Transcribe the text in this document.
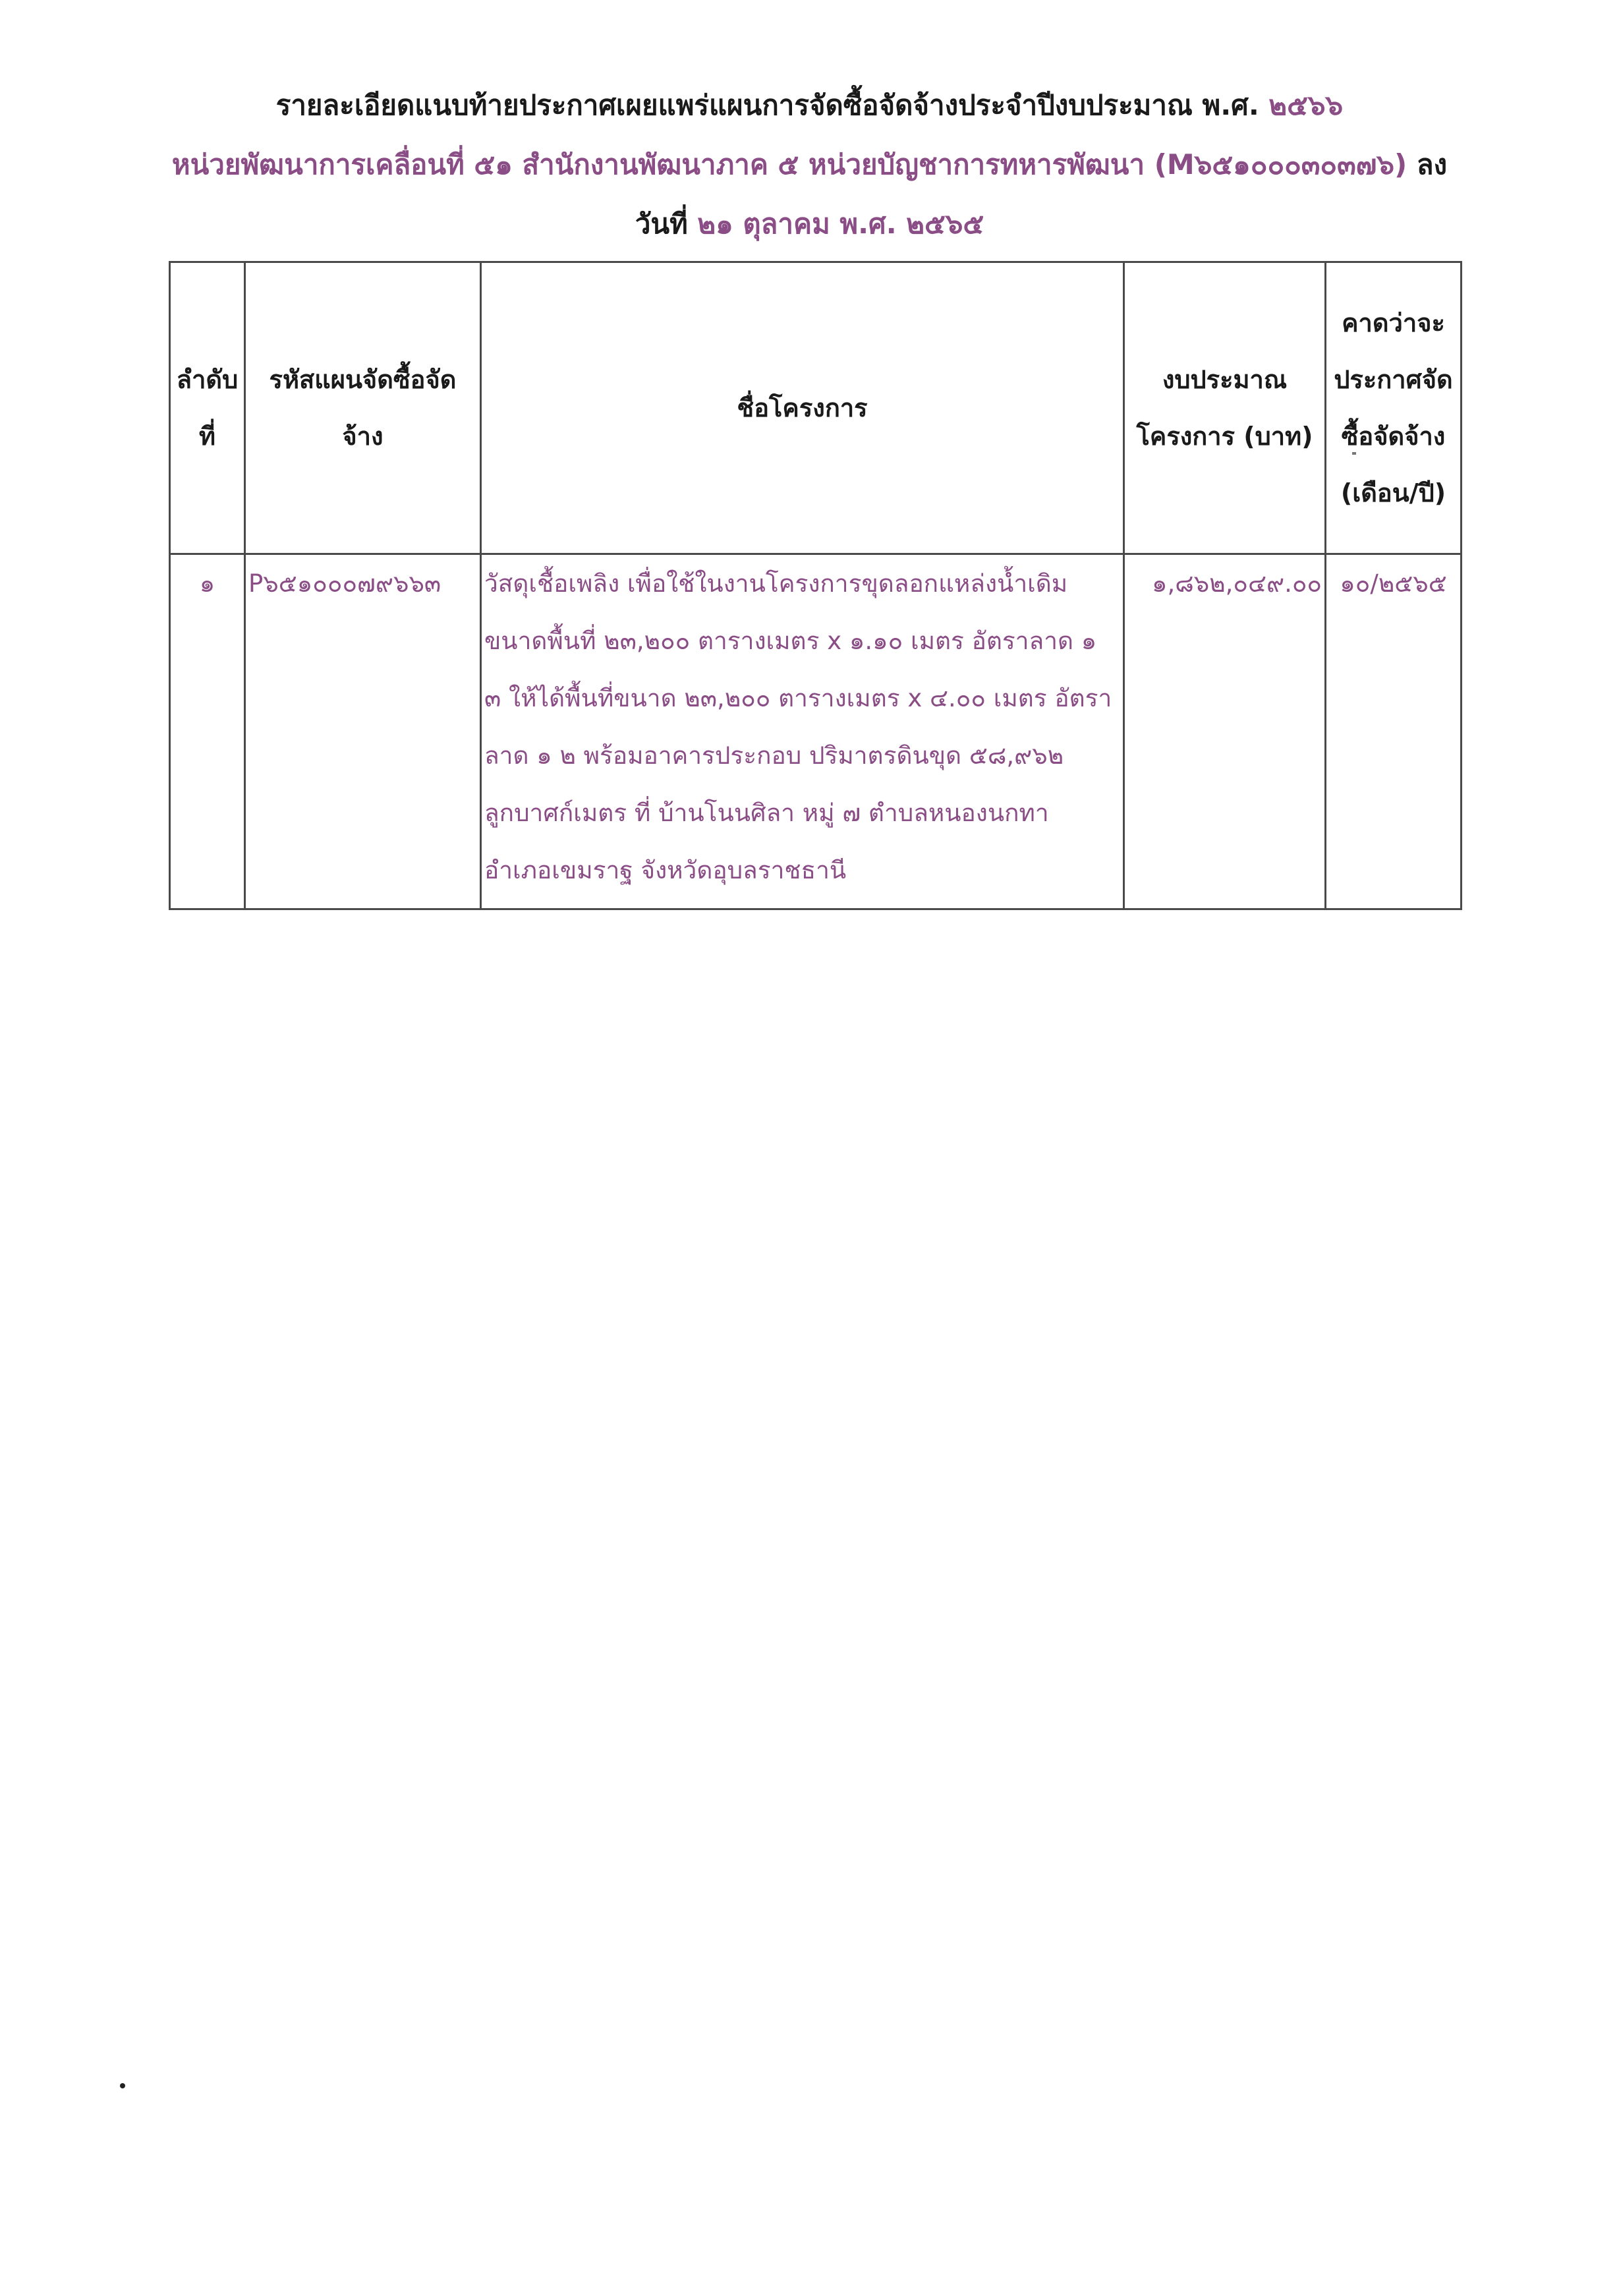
รายละเอียดแนบท้ายประกาศเผยแพร่แผนการจัดซื้อจัดจ้างประจำปีงบประมาณ พ.ศ. ๒๕๖๖
หน่วยพัฒนาการเคลื่อนที่ ๕๑ สำนักงานพัฒนาภาค ๕ หน่วยบัญชาการทหารพัฒนา (M๖๕๑๐๐๐๓๐๓๗๖) ลง
วันที่ ๒๑ ตุลาคม พ.ศ. ๒๕๖๕
ลำดับที่	รหัสแผนจัดซื้อจัดจ้าง	ชื่อโครงการ	งบประมาณโครงการ (บาท)	คาดว่าจะประกาศจัดซื้อจัดจ้าง (เดือน/ปี)
๑	P๖๕๑๐๐๐๗๙๖๖๓	วัสดุเชื้อเพลิง เพื่อใช้ในงานโครงการขุดลอกแหล่งน้ำเดิม ขนาดพื้นที่ ๒๓,๒๐๐ ตารางเมตร x ๑.๑๐ เมตร อัตราลาด ๑ ๓ ให้ได้พื้นที่ขนาด ๒๓,๒๐๐ ตารางเมตร x ๔.๐๐ เมตร อัตราลาด ๑ ๒ พร้อมอาคารประกอบ ปริมาตรดินขุด ๕๘,๙๖๒ ลูกบาศก์เมตร ที่ บ้านโนนศิลา หมู่ ๗ ตำบลหนองนกทา อำเภอเขมราฐ จังหวัดอุบลราชธานี	๑,๘๖๒,๐๔๙.๐๐	๑๐/๒๕๖๕
